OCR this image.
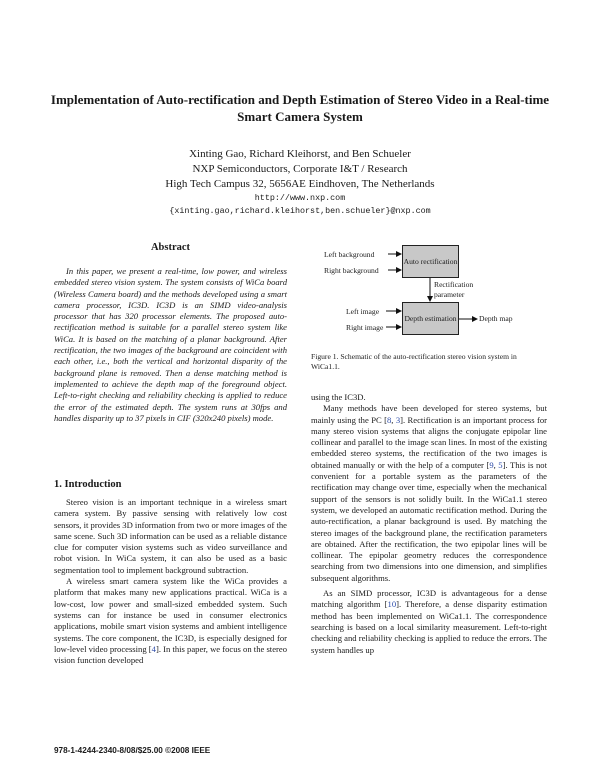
Implementation of Auto-rectification and Depth Estimation of Stereo Video in a Real-time Smart Camera System
Xinting Gao, Richard Kleihorst, and Ben Schueler
NXP Semiconductors, Corporate I&T / Research
High Tech Campus 32, 5656AE Eindhoven, The Netherlands
http://www.nxp.com
{xinting.gao,richard.kleihorst,ben.schueler}@nxp.com
Abstract
In this paper, we present a real-time, low power, and wireless embedded stereo vision system. The system consists of WiCa board (Wireless Camera board) and the methods developed using a smart camera processor, IC3D. IC3D is an SIMD video-analysis processor that has 320 processor elements. The proposed auto-rectification method is suitable for a parallel stereo system like WiCa. It is based on the matching of a planar background. After rectification, the two images of the background are coincident with each other, i.e., both the vertical and horizontal disparity of the background plane is removed. Then a dense matching method is implemented to achieve the depth map of the foreground object. Left-to-right checking and reliability checking is applied to reduce the error of the estimated depth. The system runs at 30fps and handles disparity up to 37 pixels in CIF (320x240 pixels) mode.
1. Introduction

Stereo vision is an important technique in a wireless smart camera system. By passive sensing with relatively low cost sensors, it provides 3D information from two or more images of the same scene. Such 3D information can be used as a reliable distance clue for computer vision systems such as video surveillance and robot vision. In WiCa system, it can also be used as a basic segmentation tool to implement background subtraction.

A wireless smart camera system like the WiCa provides a platform that makes many new applications practical. WiCa is a low-cost, low power and small-sized embedded system. Such systems can for instance be used in consumer electronics applications, mobile smart vision systems and ambient intelligence systems. The core component, the IC3D, is especially designed for low-level video processing [4]. In this paper, we focus on the stereo vision function developed

Left background
Right background
Auto rectification
Rectification parameter
Left image
Right image
Depth estimation	Depth map
Figure 1. Schematic of the auto-rectification stereo vision system in WiCa1.1.

using the IC3D.

Many methods have been developed for stereo systems, but mainly using the PC [8, 3]. Rectification is an important process for many stereo vision systems that aligns the conjugate epipolar line collinear and parallel to the image scan lines. In most of the existing embedded stereo systems, the rectification of the two images is obtained manually or with the help of a computer [9, 5]. This is not convenient for a portable system as the parameters of the rectification may change over time, especially when the mechanical support of the sensors is not solidly built. In the WiCa1.1 stereo system, we developed an automatic rectification method. During the auto-rectification, a planar background is used. By matching the stereo images of the background plane, the rectification parameters are obtained. After the rectification, the two epipolar lines will be collinear. The epipolar geometry reduces the correspondence searching from two dimensions into one dimension, and simplifies subsequent algorithms.

As an SIMD processor, IC3D is advantageous for a dense matching algorithm [10]. Therefore, a dense disparity estimation method has been implemented on WiCa1.1. The correspondence searching is based on a local similarity measurement. Left-to-right checking and reliability checking is applied to reduce the errors. The system handles up

978-1-4244-2340-8/08/$25.00 ©2008 IEEE
